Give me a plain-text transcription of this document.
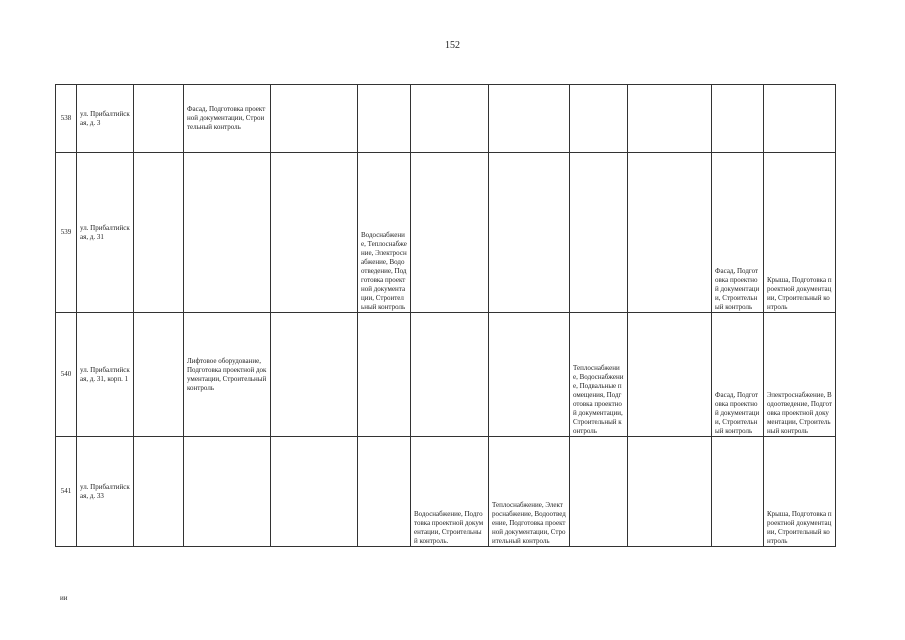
152
538	ул. Прибалтийская, д. 3		Фасад, Подготовка проектной документации, Строительный контроль								
539	ул. Прибалтийская, д. 31				Водоснабжение, Теплоснабжение, Электроснабжение, Водоотведение, Подготовка проектной документации, Строительный контроль					Фасад, Подготовка проектной документации, Строительный контроль	Крыша, Подготовка проектной документации, Строительный контроль
540	ул. Прибалтийская, д. 31, корп. 1		Лифтовое оборудование, Подготовка проектной документации, Строительный контроль					Теплоснабжение, Водоснабжение, Подвальные помещения, Подготовка проектной документации, Строительный контроль		Фасад, Подготовка проектной документации, Строительный контроль	Электроснабжение, Водоотведение, Подготовка проектной документации, Строительный контроль
541	ул. Прибалтийская, д. 33					Водоснабжение, Подготовка проектной документации, Строительный контроль.	Теплоснабжение, Электроснабжение, Водоотведение, Подготовка проектной документации, Строительный контроль				Крыша, Подготовка проектной документации, Строительный контроль
ии
